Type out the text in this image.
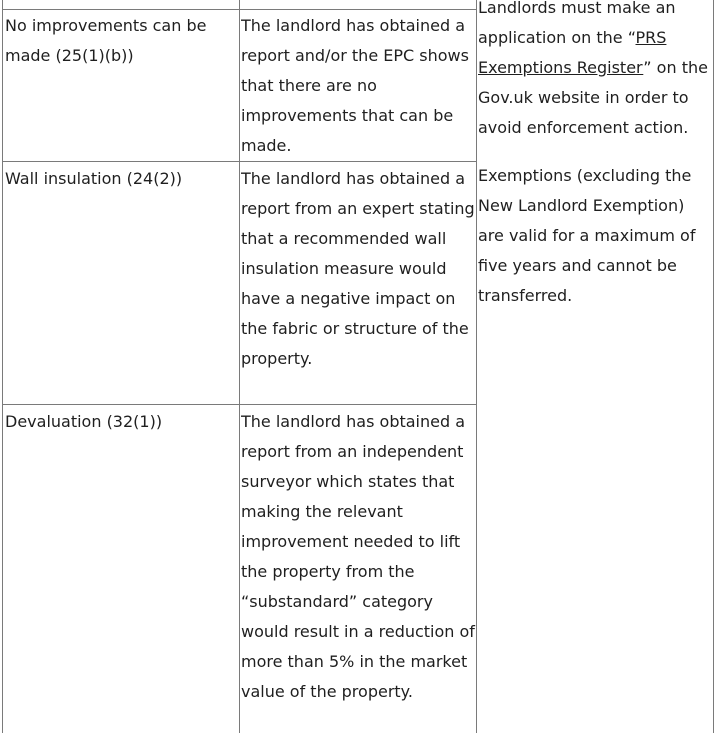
No improvements can be made (25(1)(b))
The landlord has obtained a report and/or the EPC shows that there are no improvements that can be made.
Wall insulation (24(2))	The landlord has obtained a report from an expert stating that a recommended wall insulation measure would have a negative impact on the fabric or structure of the property.
Devaluation (32(1))	The landlord has obtained a report from an independent surveyor which states that making the relevant improvement needed to lift the property from the “substandard” category would result in a reduction of more than 5% in the market value of the property.
Landlords must make an application on the “PRS Exemptions Register” on the Gov.uk website in order to avoid enforcement action.
Exemptions (excluding the New Landlord Exemption) are valid for a maximum of five years and cannot be transferred.
